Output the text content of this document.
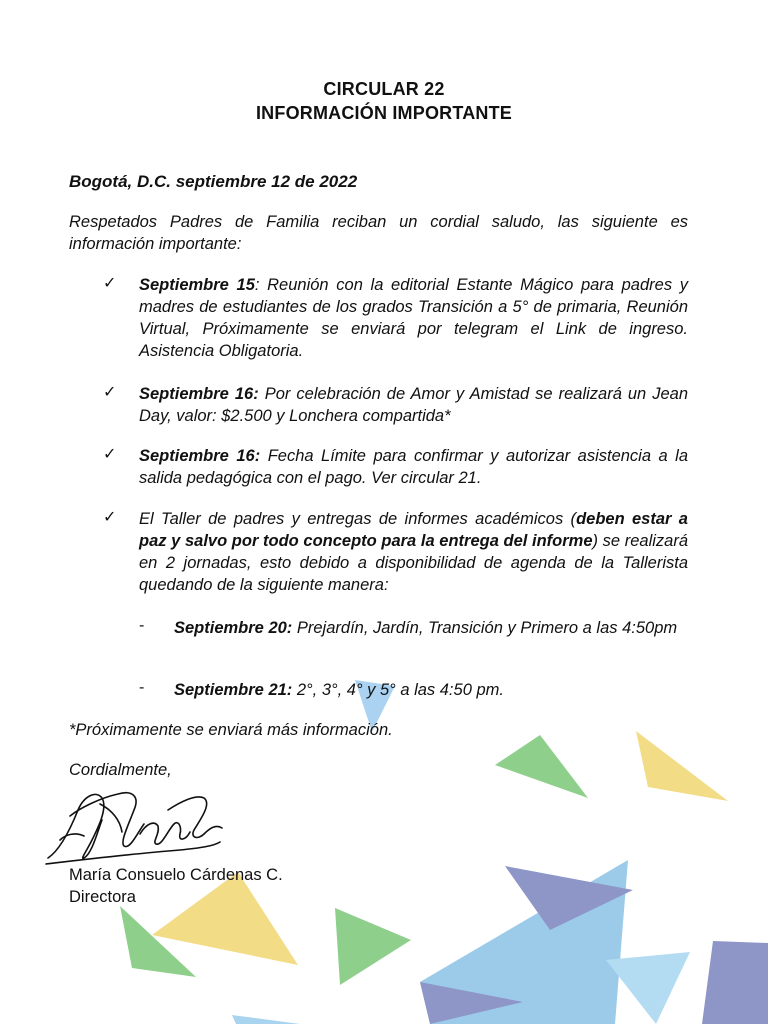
CIRCULAR 22
INFORMACIÓN IMPORTANTE
Bogotá, D.C. septiembre 12 de 2022
Respetados Padres de Familia reciban un cordial saludo, las siguiente es información importante:
✓ Septiembre 15: Reunión con la editorial Estante Mágico para padres y madres de estudiantes de los grados Transición a 5° de primaria, Reunión Virtual, Próximamente se enviará por telegram el Link de ingreso. Asistencia Obligatoria.
✓ Septiembre 16: Por celebración de Amor y Amistad se realizará un Jean Day, valor: $2.500 y Lonchera compartida*
✓ Septiembre 16: Fecha Límite para confirmar y autorizar asistencia a la salida pedagógica con el pago. Ver circular 21.
✓ El Taller de padres y entregas de informes académicos (deben estar a paz y salvo por todo concepto para la entrega del informe) se realizará en 2 jornadas, esto debido a disponibilidad de agenda de la Tallerista quedando de la siguiente manera:
- Septiembre 20: Prejardín, Jardín, Transición y Primero a las 4:50pm
- Septiembre 21: 2°, 3°, 4° y 5° a las 4:50 pm.
*Próximamente se enviará más información.
Cordialmente,
María Consuelo Cárdenas C.
Directora
